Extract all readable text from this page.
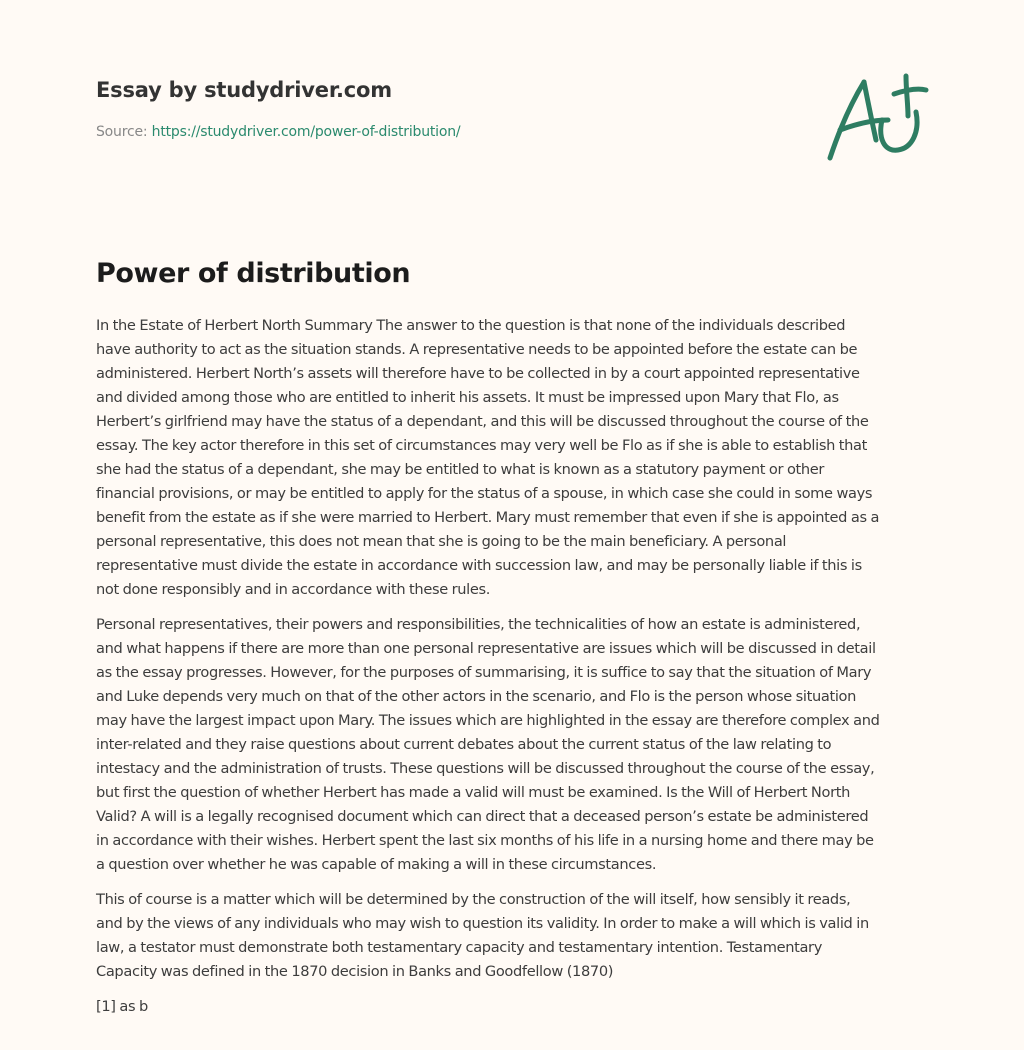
Essay by studydriver.com
Source: https://studydriver.com/power-of-distribution/
Power of distribution

In the Estate of Herbert North Summary The answer to the question is that none of the individuals described
have authority to act as the situation stands. A representative needs to be appointed before the estate can be
administered. Herbert North’s assets will therefore have to be collected in by a court appointed representative
and divided among those who are entitled to inherit his assets. It must be impressed upon Mary that Flo, as
Herbert’s girlfriend may have the status of a dependant, and this will be discussed throughout the course of the
essay. The key actor therefore in this set of circumstances may very well be Flo as if she is able to establish that
she had the status of a dependant, she may be entitled to what is known as a statutory payment or other
financial provisions, or may be entitled to apply for the status of a spouse, in which case she could in some ways
benefit from the estate as if she were married to Herbert. Mary must remember that even if she is appointed as a
personal representative, this does not mean that she is going to be the main beneficiary. A personal
representative must divide the estate in accordance with succession law, and may be personally liable if this is
not done responsibly and in accordance with these rules.

Personal representatives, their powers and responsibilities, the technicalities of how an estate is administered,
and what happens if there are more than one personal representative are issues which will be discussed in detail
as the essay progresses. However, for the purposes of summarising, it is suffice to say that the situation of Mary
and Luke depends very much on that of the other actors in the scenario, and Flo is the person whose situation
may have the largest impact upon Mary. The issues which are highlighted in the essay are therefore complex and
inter-related and they raise questions about current debates about the current status of the law relating to
intestacy and the administration of trusts. These questions will be discussed throughout the course of the essay,
but first the question of whether Herbert has made a valid will must be examined. Is the Will of Herbert North
Valid? A will is a legally recognised document which can direct that a deceased person’s estate be administered
in accordance with their wishes. Herbert spent the last six months of his life in a nursing home and there may be
a question over whether he was capable of making a will in these circumstances.

This of course is a matter which will be determined by the construction of the will itself, how sensibly it reads,
and by the views of any individuals who may wish to question its validity. In order to make a will which is valid in
law, a testator must demonstrate both testamentary capacity and testamentary intention. Testamentary
Capacity was defined in the 1870 decision in Banks and Goodfellow (1870)

[1] as b
